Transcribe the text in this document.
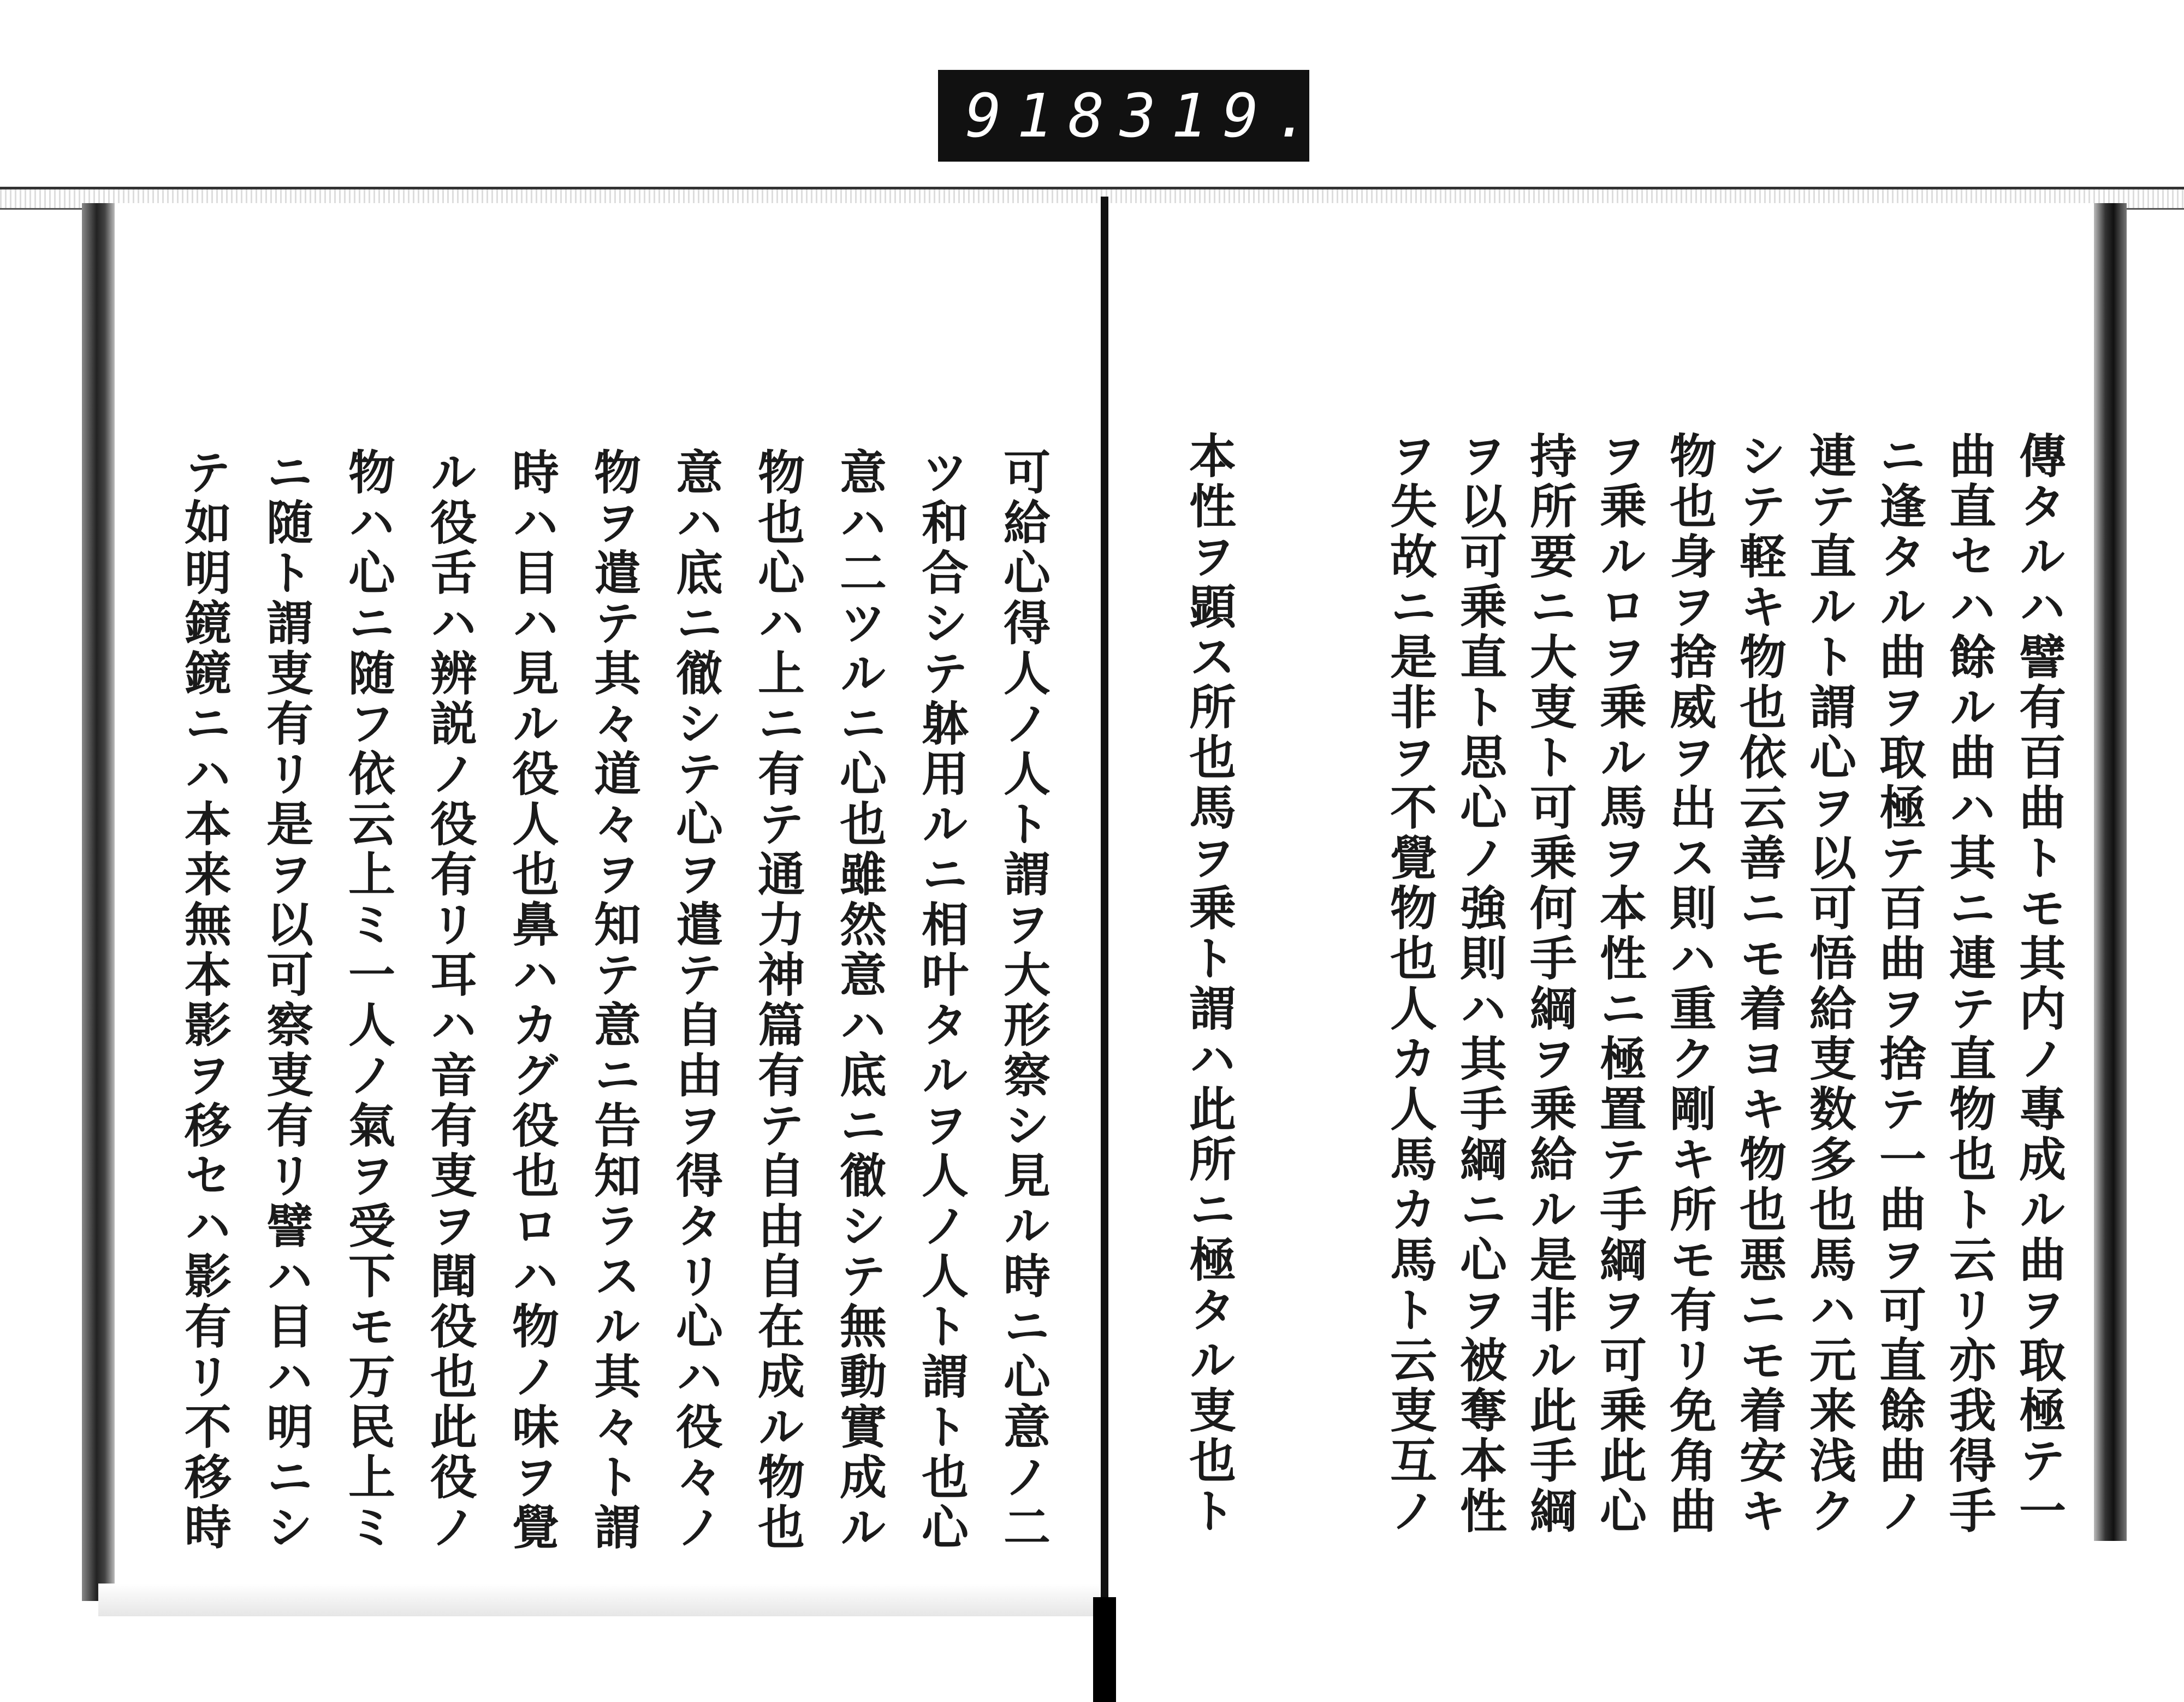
918 319.
傳タルハ譬有百曲トモ其内ノ專成ル曲ヲ取極テ一
曲直セハ餘ル曲ハ其ニ連テ直物也ト云リ亦我得手
ニ逢タル曲ヲ取極テ百曲ヲ捨テ一曲ヲ可直餘曲ノ
連テ直ルト謂心ヲ以可悟給叓数多也馬ハ元来浅ク
シテ軽キ物也依云善ニモ着ヨキ物也悪ニモ着安キ
物也身ヲ捨威ヲ出ス則ハ重ク剛キ所モ有リ免角曲
ヲ乗ルロヲ乗ル馬ヲ本性ニ極置テ手綱ヲ可乗此心
持所要ニ大叓ト可乗何手綱ヲ乗給ル是非ル此手綱
ヲ以可乗直ト思心ノ強則ハ其手綱ニ心ヲ被奪本性
ヲ失故ニ是非ヲ不覺物也人カ人馬カ馬ト云叓互ノ
本性ヲ顕ス所也馬ヲ乗ト謂ハ此所ニ極タル叓也ト
可給心得人ノ人ト謂ヲ大形察シ見ル時ニ心意ノ二
ツ和合シテ躰用ルニ相叶タルヲ人ノ人ト謂ト也心
意ハ二ツルニ心也雖然意ハ底ニ徹シテ無動實成ル
物也心ハ上ニ有テ通力神篇有テ自由自在成ル物也
意ハ底ニ徹シテ心ヲ遣テ自由ヲ得タリ心ハ役々ノ
物ヲ遣テ其々道々ヲ知テ意ニ告知ラスル其々ト謂
時ハ目ハ見ル役人也鼻ハカグ役也ロハ物ノ味ヲ覺
ル役舌ハ辨説ノ役有リ耳ハ音有叓ヲ聞役也此役ノ
物ハ心ニ随フ依云上ミ一人ノ氣ヲ受下モ万民上ミ
ニ随ト謂叓有リ是ヲ以可察叓有リ譬ハ目ハ明ニシ
テ如明鏡鏡ニハ本来無本影ヲ移セハ影有リ不移時
